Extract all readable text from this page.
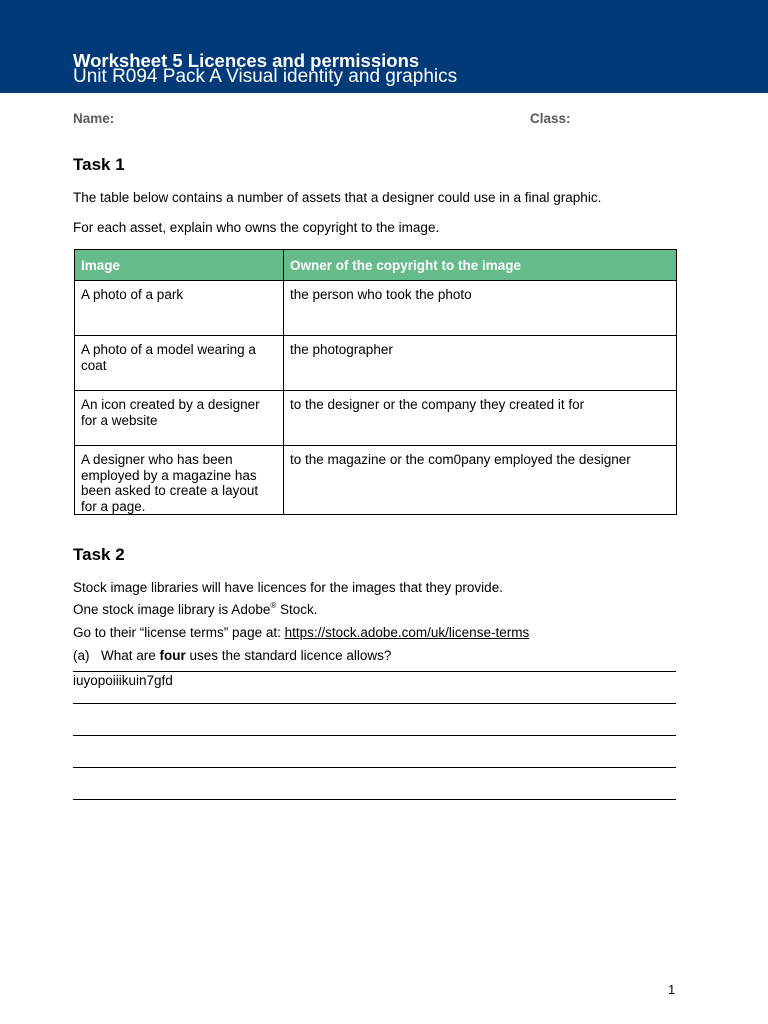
Worksheet 5 Licences and permissions
Unit R094 Pack A Visual identity and graphics
Name:	Class:
Task 1

The table below contains a number of assets that a designer could use in a final graphic.

For each asset, explain who owns the copyright to the image.

Image	Owner of the copyright to the image
A photo of a park	the person who took the photo
A photo of a model wearing a coat	the photographer
An icon created by a designer for a website	to the designer or the company they created it for
A designer who has been employed by a magazine has been asked to create a layout for a page.	to the magazine or the com0pany employed the designer
Task 2

Stock image libraries will have licences for the images that they provide.

One stock image library is Adobe® Stock.

Go to their “license terms” page at: https://stock.adobe.com/uk/license-terms

(a) What are four uses the standard licence allows?

iuyopoiiikuin7gfd
1
